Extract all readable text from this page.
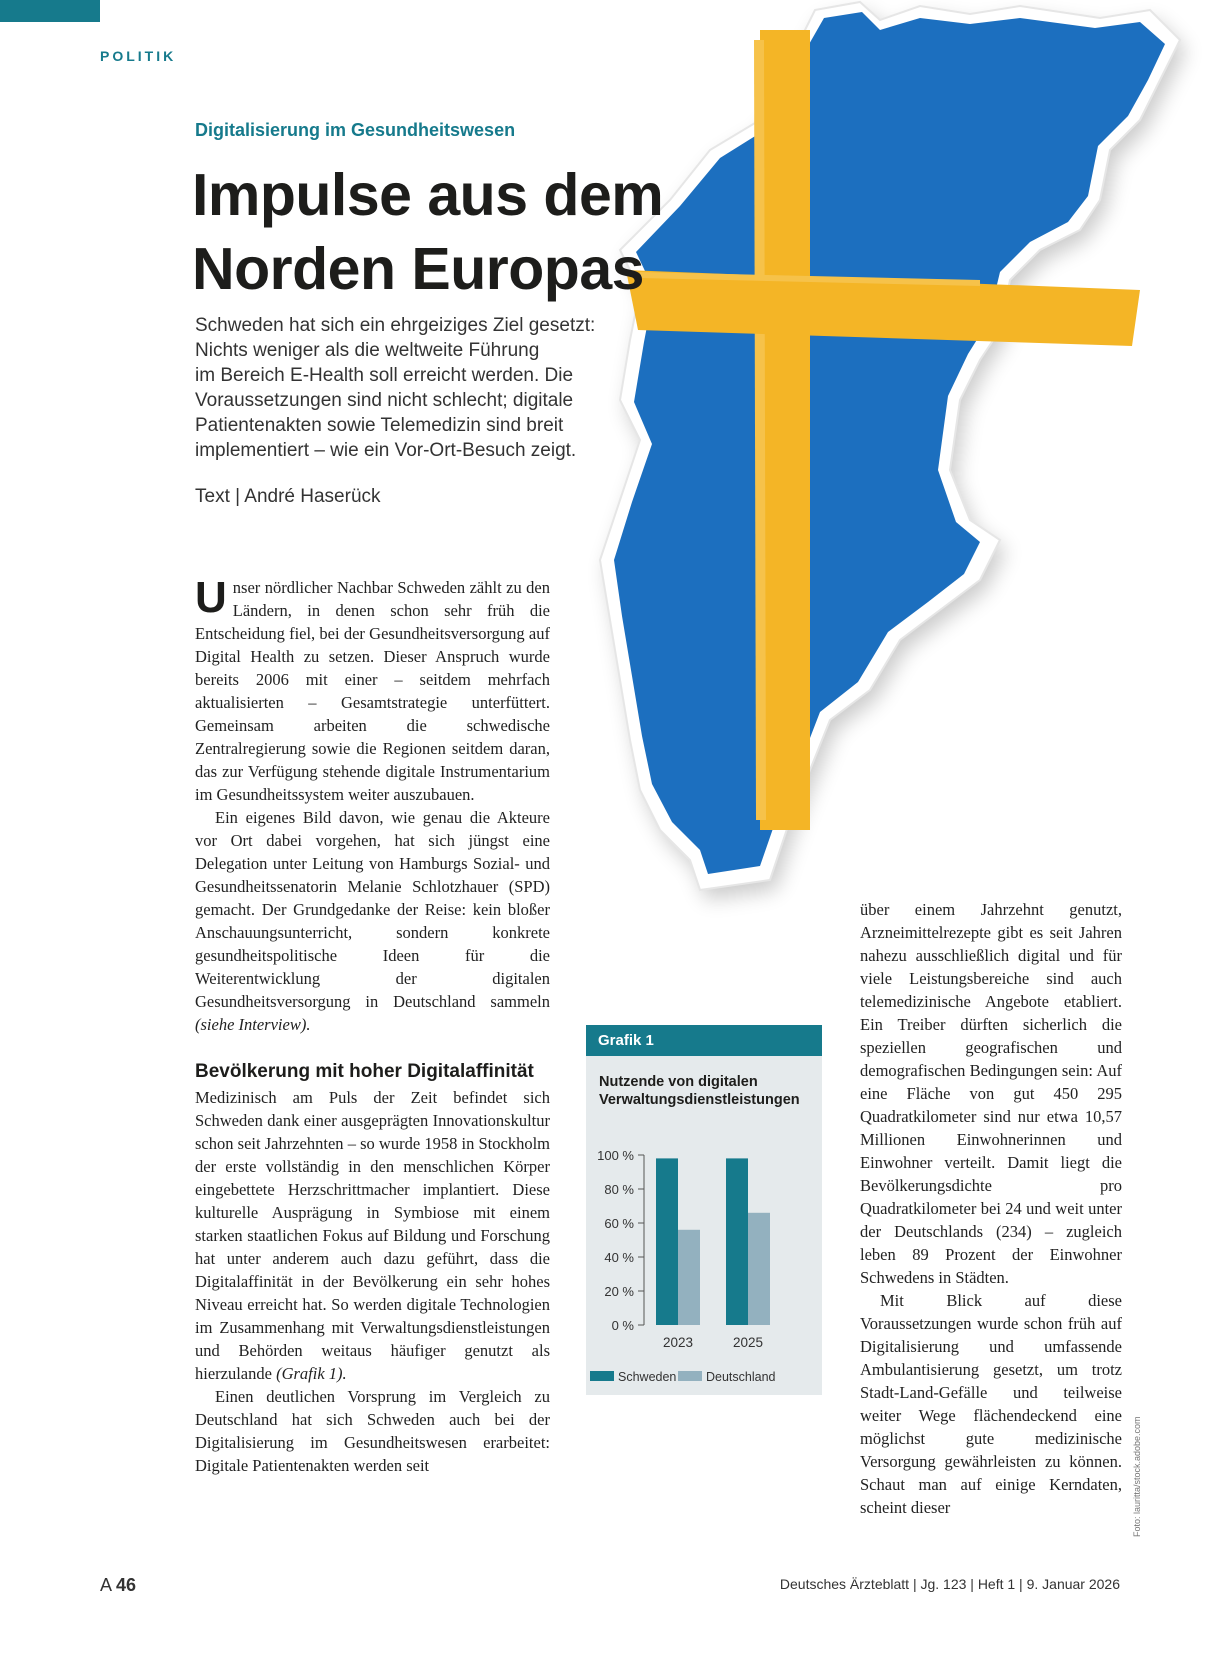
POLITIK
Digitalisierung im Gesundheitswesen
Impulse aus dem
Norden Europas
Schweden hat sich ein ehrgeiziges Ziel gesetzt:
Nichts weniger als die weltweite Führung
im Bereich E-Health soll erreicht werden. Die
Voraussetzungen sind nicht schlecht; digitale
Patientenakten sowie Telemedizin sind breit
implementiert – wie ein Vor-Ort-Besuch zeigt.
Text | André Haserück

Unser nördlicher Nachbar Schweden zählt zu den Ländern, in denen schon sehr früh die Entscheidung fiel, bei der Gesundheitsversorgung auf Digital Health zu setzen. Dieser Anspruch wurde bereits 2006 mit einer – seitdem mehrfach aktualisierten – Gesamtstrategie unterfüttert. Gemeinsam arbeiten die schwedische Zentralregierung sowie die Regionen seitdem daran, das zur Verfügung stehende digitale Instrumentarium im Gesundheitssystem weiter auszubauen.

Ein eigenes Bild davon, wie genau die Akteure vor Ort dabei vorgehen, hat sich jüngst eine Delegation unter Leitung von Hamburgs Sozial- und Gesundheitssenatorin Melanie Schlotzhauer (SPD) gemacht. Der Grundgedanke der Reise: kein bloßer Anschauungsunterricht, sondern konkrete gesundheitspolitische Ideen für die Weiterentwicklung der digitalen Gesundheitsversorgung in Deutschland sammeln (siehe Interview).

Bevölkerung mit hoher Digitalaffinität

Medizinisch am Puls der Zeit befindet sich Schweden dank einer ausgeprägten Innovationskultur schon seit Jahrzehnten – so wurde 1958 in Stockholm der erste vollständig in den menschlichen Körper eingebettete Herzschrittmacher implantiert. Diese kulturelle Ausprägung in Symbiose mit einem starken staatlichen Fokus auf Bildung und Forschung hat unter anderem auch dazu geführt, dass die Digitalaffinität in der Bevölkerung ein sehr hohes Niveau erreicht hat. So werden digitale Technologien im Zusammenhang mit Verwaltungsdienstleistungen und Behörden weitaus häufiger genutzt als hierzulande (Grafik 1).

Einen deutlichen Vorsprung im Vergleich zu Deutschland hat sich Schweden auch bei der Digitalisierung im Gesundheitswesen erarbeitet: Digitale Patientenakten werden seit

Grafik 1
Nutzende von digitalen Verwaltungsdienstleistungen
0 %
20 %
40 %
60 %
80 %
100 %
2023	2025
Schweden Deutschland

über einem Jahrzehnt genutzt, Arzneimittelrezepte gibt es seit Jahren nahezu ausschließlich digital und für viele Leistungsbereiche sind auch telemedizinische Angebote etabliert. Ein Treiber dürften sicherlich die speziellen geografischen und demografischen Bedingungen sein: Auf eine Fläche von gut 450 295 Quadratkilometer sind nur etwa 10,57 Millionen Einwohnerinnen und Einwohner verteilt. Damit liegt die Bevölkerungsdichte pro Quadratkilometer bei 24 und weit unter der Deutschlands (234) – zugleich leben 89 Prozent der Einwohner Schwedens in Städten.

Mit Blick auf diese Voraussetzungen wurde schon früh auf Digitalisierung und umfassende Ambulantisierung gesetzt, um trotz Stadt-Land-Gefälle und teilweise weiter Wege flächendeckend eine möglichst gute medizinische Versorgung gewährleisten zu können. Schaut man auf einige Kerndaten, scheint dieser

A 46	Deutsches Ärzteblatt | Jg. 123 | Heft 1 | 9. Januar 2026
Foto: lauritta/stock.adobe.com
